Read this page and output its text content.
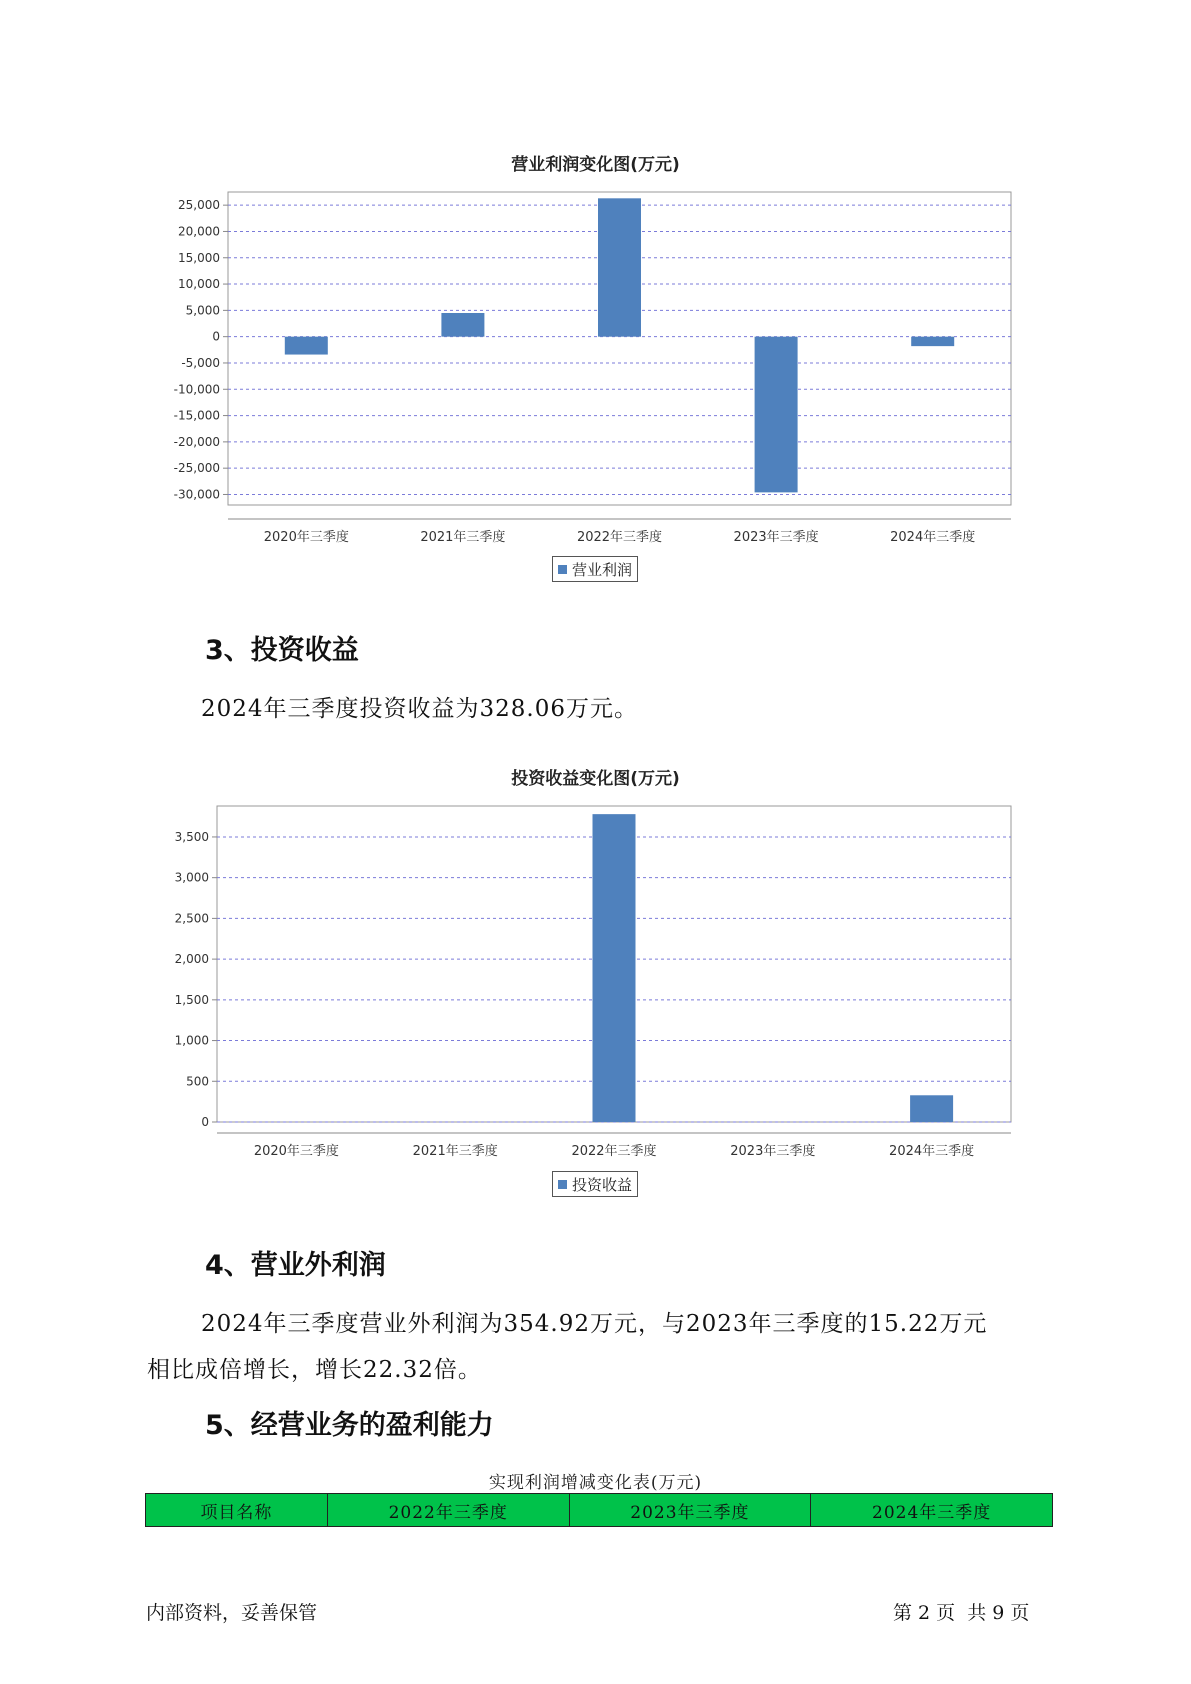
营业利润变化图(万元)
-30,000
-25,000
-20,000
-15,000
-10,000
-5,000
0
5,000
10,000
15,000
20,000
25,000
2020年三季度	2021年三季度	2022年三季度	2023年三季度	2024年三季度
营业利润
3、投资收益
2024年三季度投资收益为328.06万元。
投资收益变化图(万元)
0
500
1,000
1,500
2,000
2,500
3,000
3,500
2020年三季度	2021年三季度	2022年三季度	2023年三季度	2024年三季度
投资收益
4、营业外利润
2024年三季度营业外利润为354.92万元，与2023年三季度的15.22万元
相比成倍增长，增长22.32倍。
5、经营业务的盈利能力
实现利润增减变化表(万元)
项目名称	2022年三季度	2023年三季度	2024年三季度
内部资料，妥善保管	第 2 页  共 9 页
